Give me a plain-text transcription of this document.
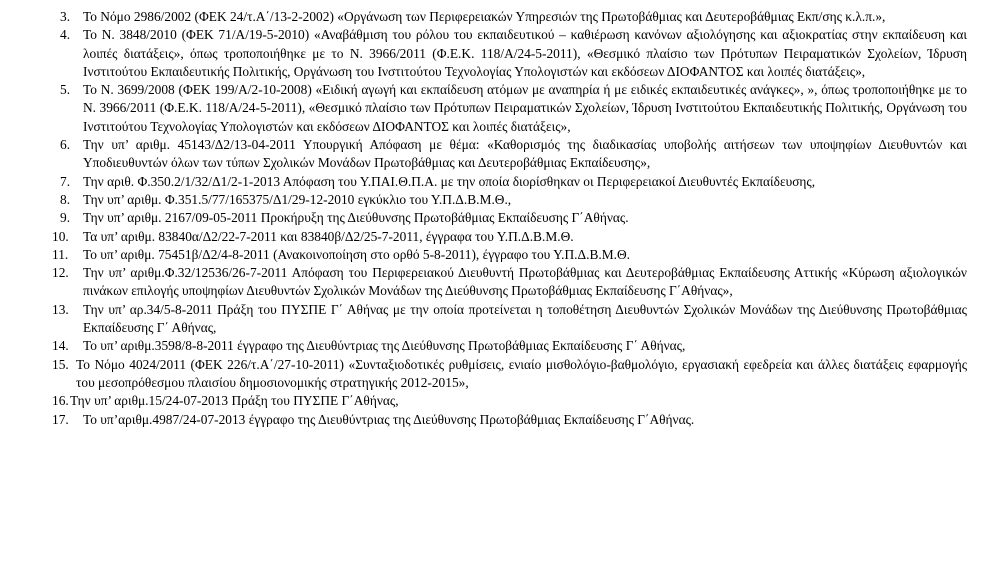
3. Το Νόμο 2986/2002 (ΦΕΚ 24/τ.Α΄/13-2-2002) «Οργάνωση των Περιφερειακών Υπηρεσιών της Πρωτοβάθμιας και Δευτεροβάθμιας Εκπ/σης κ.λ.π.»,

4. Το Ν. 3848/2010 (ΦΕΚ 71/Α/19-5-2010) «Αναβάθμιση του ρόλου του εκπαιδευτικού – καθιέρωση κανόνων αξιολόγησης και αξιοκρατίας στην εκπαίδευση και λοιπές διατάξεις», όπως τροποποιήθηκε με το Ν. 3966/2011 (Φ.Ε.Κ. 118/Α/24-5-2011), «Θεσμικό πλαίσιο των Πρότυπων Πειραματικών Σχολείων, Ίδρυση Ινστιτούτου Εκπαιδευτικής Πολιτικής, Οργάνωση του Ινστιτούτου Τεχνολογίας Υπολογιστών και εκδόσεων ΔΙΟΦΑΝΤΟΣ και λοιπές διατάξεις»,

5. Το Ν. 3699/2008 (ΦΕΚ 199/Α/2-10-2008) «Ειδική αγωγή και εκπαίδευση ατόμων με αναπηρία ή με ειδικές εκπαιδευτικές ανάγκες», », όπως τροποποιήθηκε με το Ν. 3966/2011 (Φ.Ε.Κ. 118/Α/24-5-2011), «Θεσμικό πλαίσιο των Πρότυπων Πειραματικών Σχολείων, Ίδρυση Ινστιτούτου Εκπαιδευτικής Πολιτικής, Οργάνωση του Ινστιτούτου Τεχνολογίας Υπολογιστών και εκδόσεων ΔΙΟΦΑΝΤΟΣ και λοιπές διατάξεις»,

6. Την υπ’ αριθμ. 45143/Δ2/13-04-2011 Υπουργική Απόφαση με θέμα: «Καθορισμός της διαδικασίας υποβολής αιτήσεων των υποψηφίων Διευθυντών και Υποδιευθυντών όλων των τύπων Σχολικών Μονάδων Πρωτοβάθμιας και Δευτεροβάθμιας Εκπαίδευσης»,

7. Την αριθ. Φ.350.2/1/32/Δ1/2-1-2013 Απόφαση του Υ.ΠΑΙ.Θ.Π.Α. με την οποία διορίσθηκαν οι Περιφερειακοί Διευθυντές Εκπαίδευσης,

8. Την υπ’ αριθμ. Φ.351.5/77/165375/Δ1/29-12-2010 εγκύκλιο του Υ.Π.Δ.Β.Μ.Θ.,

9. Την υπ’ αριθμ. 2167/09-05-2011 Προκήρυξη της Διεύθυνσης Πρωτοβάθμιας Εκπαίδευσης Γ΄Αθήνας.

10. Τα υπ’ αριθμ. 83840α/Δ2/22-7-2011 και 83840β/Δ2/25-7-2011, έγγραφα του Υ.Π.Δ.Β.Μ.Θ.

11. Το υπ’ αριθμ. 75451β/Δ2/4-8-2011 (Ανακοινοποίηση στο ορθό 5-8-2011), έγγραφο του Υ.Π.Δ.Β.Μ.Θ.

12. Την υπ’ αριθμ.Φ.32/12536/26-7-2011 Απόφαση του Περιφερειακού Διευθυντή Πρωτοβάθμιας και Δευτεροβάθμιας Εκπαίδευσης Αττικής «Κύρωση αξιολογικών πινάκων επιλογής υποψηφίων Διευθυντών Σχολικών Μονάδων της Διεύθυνσης Πρωτοβάθμιας Εκπαίδευσης Γ΄Αθήνας»,

13. Την υπ’ αρ.34/5-8-2011 Πράξη του ΠΥΣΠΕ Γ΄ Αθήνας με την οποία προτείνεται η τοποθέτηση Διευθυντών Σχολικών Μονάδων της Διεύθυνσης Πρωτοβάθμιας Εκπαίδευσης Γ΄ Αθήνας,

14. Το υπ’ αριθμ.3598/8-8-2011 έγγραφο της Διευθύντριας της Διεύθυνσης Πρωτοβάθμιας Εκπαίδευσης Γ΄ Αθήνας,

15. Το Νόμο 4024/2011 (ΦΕΚ 226/τ.Α΄/27-10-2011) «Συνταξιοδοτικές ρυθμίσεις, ενιαίο μισθολόγιο-βαθμολόγιο, εργασιακή εφεδρεία και άλλες διατάξεις εφαρμογής του μεσοπρόθεσμου πλαισίου δημοσιονομικής στρατηγικής 2012-2015»,

16. Την υπ’ αριθμ.15/24-07-2013 Πράξη του ΠΥΣΠΕ Γ΄Αθήνας,

17. Το υπ’αριθμ.4987/24-07-2013 έγγραφο της Διευθύντριας της Διεύθυνσης Πρωτοβάθμιας Εκπαίδευσης Γ΄Αθήνας.
